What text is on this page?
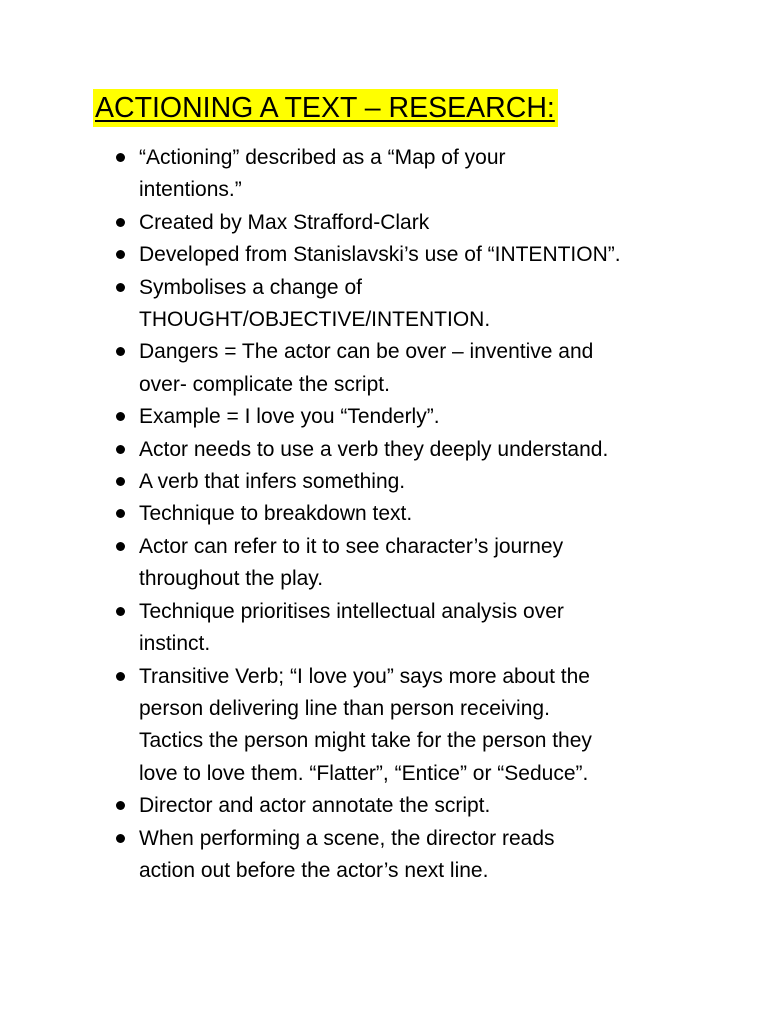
ACTIONING A TEXT – RESEARCH:
“Actioning” described as a “Map of your
intentions.”
Created by Max Strafford-Clark
Developed from Stanislavski’s use of “INTENTION”.
Symbolises a change of
THOUGHT/OBJECTIVE/INTENTION.
Dangers = The actor can be over – inventive and
over- complicate the script.
Example = I love you “Tenderly”.
Actor needs to use a verb they deeply understand.
A verb that infers something.
Technique to breakdown text.
Actor can refer to it to see character’s journey
throughout the play.
Technique prioritises intellectual analysis over
instinct.
Transitive Verb; “I love you” says more about the
person delivering line than person receiving.
Tactics the person might take for the person they
love to love them. “Flatter”, “Entice” or “Seduce”.
Director and actor annotate the script.
When performing a scene, the director reads
action out before the actor’s next line.
